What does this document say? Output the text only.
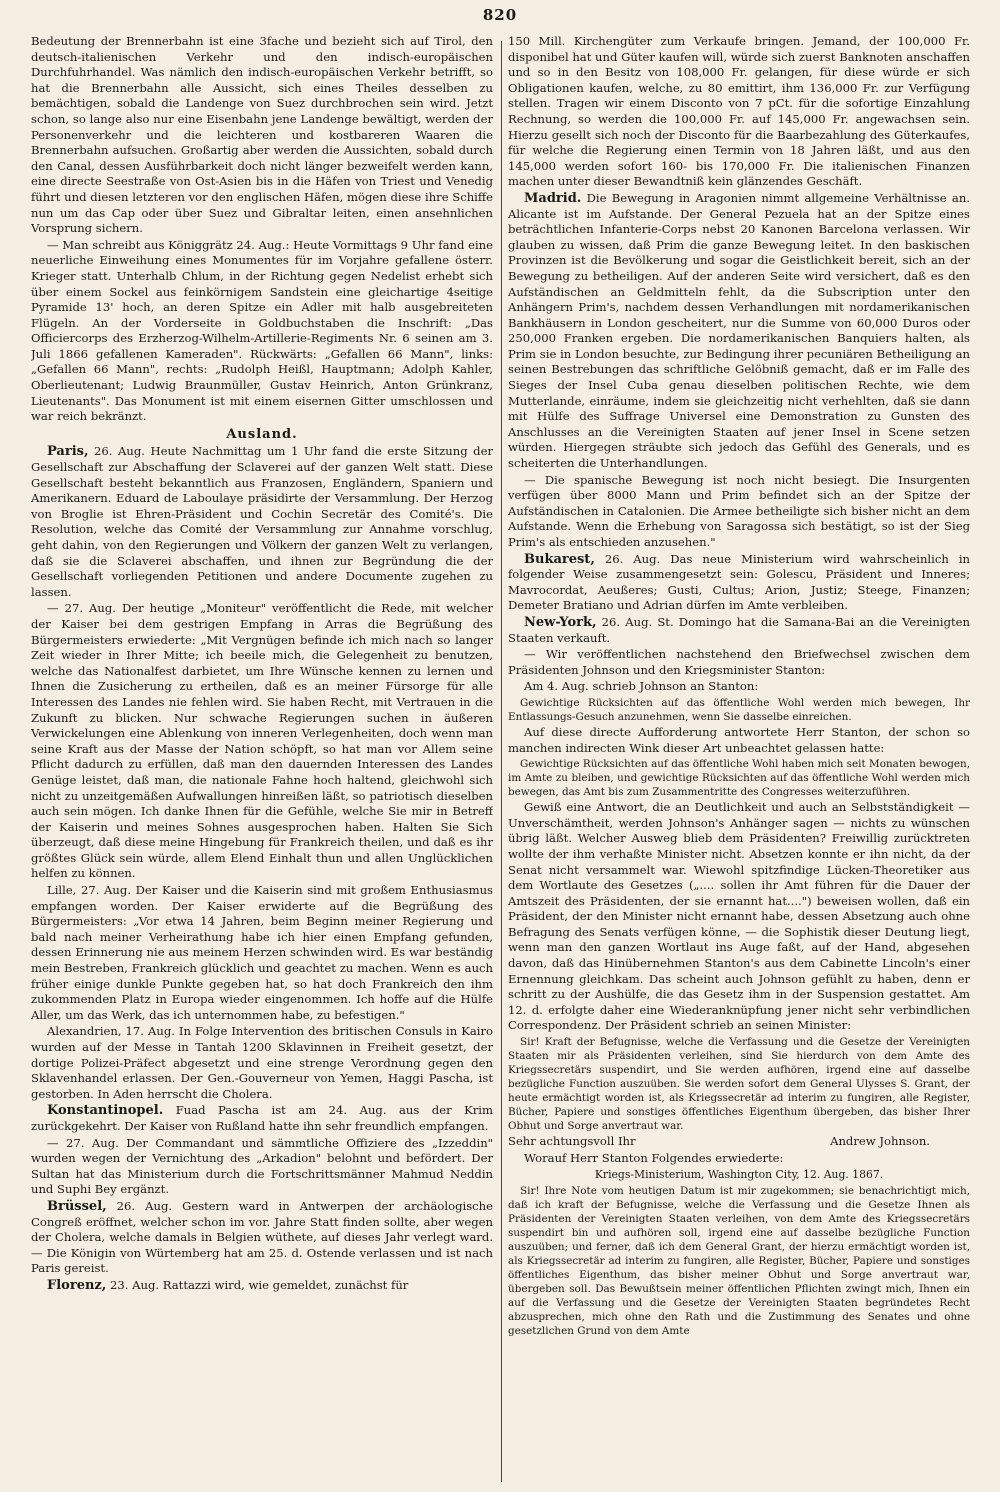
820

Bedeutung der Brennerbahn ist eine 3fache und bezieht sich auf Tirol, den deutsch-italienischen Verkehr und den indisch-europäischen Durchfuhrhandel. Was nämlich den indisch-europäischen Verkehr betrifft, so hat die Brennerbahn alle Aussicht, sich eines Theiles desselben zu bemächtigen, sobald die Landenge von Suez durchbrochen sein wird. Jetzt schon, so lange also nur eine Eisenbahn jene Landenge bewältigt, werden der Personenverkehr und die leichteren und kostbareren Waaren die Brennerbahn aufsuchen. Großartig aber werden die Aussichten, sobald durch den Canal, dessen Ausführbarkeit doch nicht länger bezweifelt werden kann, eine directe Seestraße von Ost-Asien bis in die Häfen von Triest und Venedig führt und diesen letzteren vor den englischen Häfen, mögen diese ihre Schiffe nun um das Cap oder über Suez und Gibraltar leiten, einen ansehnlichen Vorsprung sichern.

— Man schreibt aus Königgrätz 24. Aug.: Heute Vormittags 9 Uhr fand eine neuerliche Einweihung eines Monumentes für im Vorjahre gefallene österr. Krieger statt. Unterhalb Chlum, in der Richtung gegen Nedelist erhebt sich über einem Sockel aus feinkörnigem Sandstein eine gleichartige 4seitige Pyramide 13' hoch, an deren Spitze ein Adler mit halb ausgebreiteten Flügeln. An der Vorderseite in Goldbuchstaben die Inschrift: „Das Officiercorps des Erzherzog-Wilhelm-Artillerie-Regiments Nr. 6 seinen am 3. Juli 1866 gefallenen Kameraden". Rückwärts: „Gefallen 66 Mann", links: „Gefallen 66 Mann", rechts: „Rudolph Heißl, Hauptmann; Adolph Kahler, Oberlieutenant; Ludwig Braunmüller, Gustav Heinrich, Anton Grünkranz, Lieutenants". Das Monument ist mit einem eisernen Gitter umschlossen und war reich bekränzt.

Ausland.

Paris, 26. Aug. Heute Nachmittag um 1 Uhr fand die erste Sitzung der Gesellschaft zur Abschaffung der Sclaverei auf der ganzen Welt statt. Diese Gesellschaft besteht bekanntlich aus Franzosen, Engländern, Spaniern und Amerikanern. Eduard de Laboulaye präsidirte der Versammlung. Der Herzog von Broglie ist Ehren-Präsident und Cochin Secretär des Comité's. Die Resolution, welche das Comité der Versammlung zur Annahme vorschlug, geht dahin, von den Regierungen und Völkern der ganzen Welt zu verlangen, daß sie die Sclaverei abschaffen, und ihnen zur Begründung die der Gesellschaft vorliegenden Petitionen und andere Documente zugehen zu lassen.

— 27. Aug. Der heutige „Moniteur" veröffentlicht die Rede, mit welcher der Kaiser bei dem gestrigen Empfang in Arras die Begrüßung des Bürgermeisters erwiederte: „Mit Vergnügen befinde ich mich nach so langer Zeit wieder in Ihrer Mitte; ich beeile mich, die Gelegenheit zu benutzen, welche das Nationalfest darbietet, um Ihre Wünsche kennen zu lernen und Ihnen die Zusicherung zu ertheilen, daß es an meiner Fürsorge für alle Interessen des Landes nie fehlen wird. Sie haben Recht, mit Vertrauen in die Zukunft zu blicken. Nur schwache Regierungen suchen in äußeren Verwickelungen eine Ablenkung von inneren Verlegenheiten, doch wenn man seine Kraft aus der Masse der Nation schöpft, so hat man vor Allem seine Pflicht dadurch zu erfüllen, daß man den dauernden Interessen des Landes Genüge leistet, daß man, die nationale Fahne hoch haltend, gleichwohl sich nicht zu unzeitgemäßen Aufwallungen hinreißen läßt, so patriotisch dieselben auch sein mögen. Ich danke Ihnen für die Gefühle, welche Sie mir in Betreff der Kaiserin und meines Sohnes ausgesprochen haben. Halten Sie Sich überzeugt, daß diese meine Hingebung für Frankreich theilen, und daß es ihr größtes Glück sein würde, allem Elend Einhalt thun und allen Unglücklichen helfen zu können.

Lille, 27. Aug. Der Kaiser und die Kaiserin sind mit großem Enthusiasmus empfangen worden. Der Kaiser erwiderte auf die Begrüßung des Bürgermeisters: „Vor etwa 14 Jahren, beim Beginn meiner Regierung und bald nach meiner Verheirathung habe ich hier einen Empfang gefunden, dessen Erinnerung nie aus meinem Herzen schwinden wird. Es war beständig mein Bestreben, Frankreich glücklich und geachtet zu machen. Wenn es auch früher einige dunkle Punkte gegeben hat, so hat doch Frankreich den ihm zukommenden Platz in Europa wieder eingenommen. Ich hoffe auf die Hülfe Aller, um das Werk, das ich unternommen habe, zu befestigen."

Alexandrien, 17. Aug. In Folge Intervention des britischen Consuls in Kairo wurden auf der Messe in Tantah 1200 Sklavinnen in Freiheit gesetzt, der dortige Polizei-Präfect abgesetzt und eine strenge Verordnung gegen den Sklavenhandel erlassen. Der Gen.-Gouverneur von Yemen, Haggi Pascha, ist gestorben. In Aden herrscht die Cholera.

Konstantinopel. Fuad Pascha ist am 24. Aug. aus der Krim zurückgekehrt. Der Kaiser von Rußland hatte ihn sehr freundlich empfangen.

— 27. Aug. Der Commandant und sämmtliche Offiziere des „Izzeddin" wurden wegen der Vernichtung des „Arkadion" belohnt und befördert. Der Sultan hat das Ministerium durch die Fortschrittsmänner Mahmud Neddin und Suphi Bey ergänzt.

Brüssel, 26. Aug. Gestern ward in Antwerpen der archäologische Congreß eröffnet, welcher schon im vor. Jahre Statt finden sollte, aber wegen der Cholera, welche damals in Belgien wüthete, auf dieses Jahr verlegt ward. — Die Königin von Würtemberg hat am 25. d. Ostende verlassen und ist nach Paris gereist.

Florenz, 23. Aug. Rattazzi wird, wie gemeldet, zunächst für

150 Mill. Kirchengüter zum Verkaufe bringen. Jemand, der 100,000 Fr. disponibel hat und Güter kaufen will, würde sich zuerst Banknoten anschaffen und so in den Besitz von 108,000 Fr. gelangen, für diese würde er sich Obligationen kaufen, welche, zu 80 emittirt, ihm 136,000 Fr. zur Verfügung stellen. Tragen wir einem Disconto von 7 pCt. für die sofortige Einzahlung Rechnung, so werden die 100,000 Fr. auf 145,000 Fr. angewachsen sein. Hierzu gesellt sich noch der Disconto für die Baarbezahlung des Güterkaufes, für welche die Regierung einen Termin von 18 Jahren läßt, und aus den 145,000 werden sofort 160- bis 170,000 Fr. Die italienischen Finanzen machen unter dieser Bewandtniß kein glänzendes Geschäft.

Madrid. Die Bewegung in Aragonien nimmt allgemeine Verhältnisse an. Alicante ist im Aufstande. Der General Pezuela hat an der Spitze eines beträchtlichen Infanterie-Corps nebst 20 Kanonen Barcelona verlassen. Wir glauben zu wissen, daß Prim die ganze Bewegung leitet. In den baskischen Provinzen ist die Bevölkerung und sogar die Geistlichkeit bereit, sich an der Bewegung zu betheiligen. Auf der anderen Seite wird versichert, daß es den Aufständischen an Geldmitteln fehlt, da die Subscription unter den Anhängern Prim's, nachdem dessen Verhandlungen mit nordamerikanischen Bankhäusern in London gescheitert, nur die Summe von 60,000 Duros oder 250,000 Franken ergeben. Die nordamerikanischen Banquiers halten, als Prim sie in London besuchte, zur Bedingung ihrer pecuniären Betheiligung an seinen Bestrebungen das schriftliche Gelöbniß gemacht, daß er im Falle des Sieges der Insel Cuba genau dieselben politischen Rechte, wie dem Mutterlande, einräume, indem sie gleichzeitig nicht verhehlten, daß sie dann mit Hülfe des Suffrage Universel eine Demonstration zu Gunsten des Anschlusses an die Vereinigten Staaten auf jener Insel in Scene setzen würden. Hiergegen sträubte sich jedoch das Gefühl des Generals, und es scheiterten die Unterhandlungen.

— Die spanische Bewegung ist noch nicht besiegt. Die Insurgenten verfügen über 8000 Mann und Prim befindet sich an der Spitze der Aufständischen in Catalonien. Die Armee betheiligte sich bisher nicht an dem Aufstande. Wenn die Erhebung von Saragossa sich bestätigt, so ist der Sieg Prim's als entschieden anzusehen."

Bukarest, 26. Aug. Das neue Ministerium wird wahrscheinlich in folgender Weise zusammengesetzt sein: Golescu, Präsident und Inneres; Mavrocordat, Aeußeres; Gusti, Cultus; Arion, Justiz; Steege, Finanzen; Demeter Bratiano und Adrian dürfen im Amte verbleiben.

New-York, 26. Aug. St. Domingo hat die Samana-Bai an die Vereinigten Staaten verkauft.

— Wir veröffentlichen nachstehend den Briefwechsel zwischen dem Präsidenten Johnson und den Kriegsminister Stanton:

Am 4. Aug. schrieb Johnson an Stanton:

Gewichtige Rücksichten auf das öffentliche Wohl werden mich bewegen, Ihr Entlassungs-Gesuch anzunehmen, wenn Sie dasselbe einreichen.

Auf diese directe Aufforderung antwortete Herr Stanton, der schon so manchen indirecten Wink dieser Art unbeachtet gelassen hatte:

Gewichtige Rücksichten auf das öffentliche Wohl haben mich seit Monaten bewogen, im Amte zu bleiben, und gewichtige Rücksichten auf das öffentliche Wohl werden mich bewegen, das Amt bis zum Zusammentritte des Congresses weiterzuführen.

Gewiß eine Antwort, die an Deutlichkeit und auch an Selbstständigkeit — Unverschämtheit, werden Johnson's Anhänger sagen — nichts zu wünschen übrig läßt. Welcher Ausweg blieb dem Präsidenten? Freiwillig zurücktreten wollte der ihm verhaßte Minister nicht. Absetzen konnte er ihn nicht, da der Senat nicht versammelt war. Wiewohl spitzfindige Lücken-Theoretiker aus dem Wortlaute des Gesetzes („.... sollen ihr Amt führen für die Dauer der Amtszeit des Präsidenten, der sie ernannt hat....") beweisen wollen, daß ein Präsident, der den Minister nicht ernannt habe, dessen Absetzung auch ohne Befragung des Senats verfügen könne, — die Sophistik dieser Deutung liegt, wenn man den ganzen Wortlaut ins Auge faßt, auf der Hand, abgesehen davon, daß das Hinübernehmen Stanton's aus dem Cabinette Lincoln's einer Ernennung gleichkam. Das scheint auch Johnson gefühlt zu haben, denn er schritt zu der Aushülfe, die das Gesetz ihm in der Suspension gestattet. Am 12. d. erfolgte daher eine Wiederanknüpfung jener nicht sehr verbindlichen Correspondenz. Der Präsident schrieb an seinen Minister:

Sir! Kraft der Befugnisse, welche die Verfassung und die Gesetze der Vereinigten Staaten mir als Präsidenten verleihen, sind Sie hierdurch von dem Amte des Kriegssecretärs suspendirt, und Sie werden aufhören, irgend eine auf dasselbe bezügliche Function auszuüben. Sie werden sofort dem General Ulysses S. Grant, der heute ermächtigt worden ist, als Kriegssecretär ad interim zu fungiren, alle Register, Bücher, Papiere und sonstiges öffentliches Eigenthum übergeben, das bisher Ihrer Obhut und Sorge anvertraut war.

Sehr achtungsvoll Ihr	Andrew Johnson.

Worauf Herr Stanton Folgendes erwiederte:

Kriegs-Ministerium, Washington City, 12. Aug. 1867.

Sir! Ihre Note vom heutigen Datum ist mir zugekommen; sie benachrichtigt mich, daß ich kraft der Befugnisse, welche die Verfassung und die Gesetze Ihnen als Präsidenten der Vereinigten Staaten verleihen, von dem Amte des Kriegssecretärs suspendirt bin und aufhören soll, irgend eine auf dasselbe bezügliche Function auszuüben; und ferner, daß ich dem General Grant, der hierzu ermächtigt worden ist, als Kriegssecretär ad interim zu fungiren, alle Register, Bücher, Papiere und sonstiges öffentliches Eigenthum, das bisher meiner Obhut und Sorge anvertraut war, übergeben soll. Das Bewußtsein meiner öffentlichen Pflichten zwingt mich, Ihnen ein auf die Verfassung und die Gesetze der Vereinigten Staaten begründetes Recht abzusprechen, mich ohne den Rath und die Zustimmung des Senates und ohne gesetzlichen Grund von dem Amte
